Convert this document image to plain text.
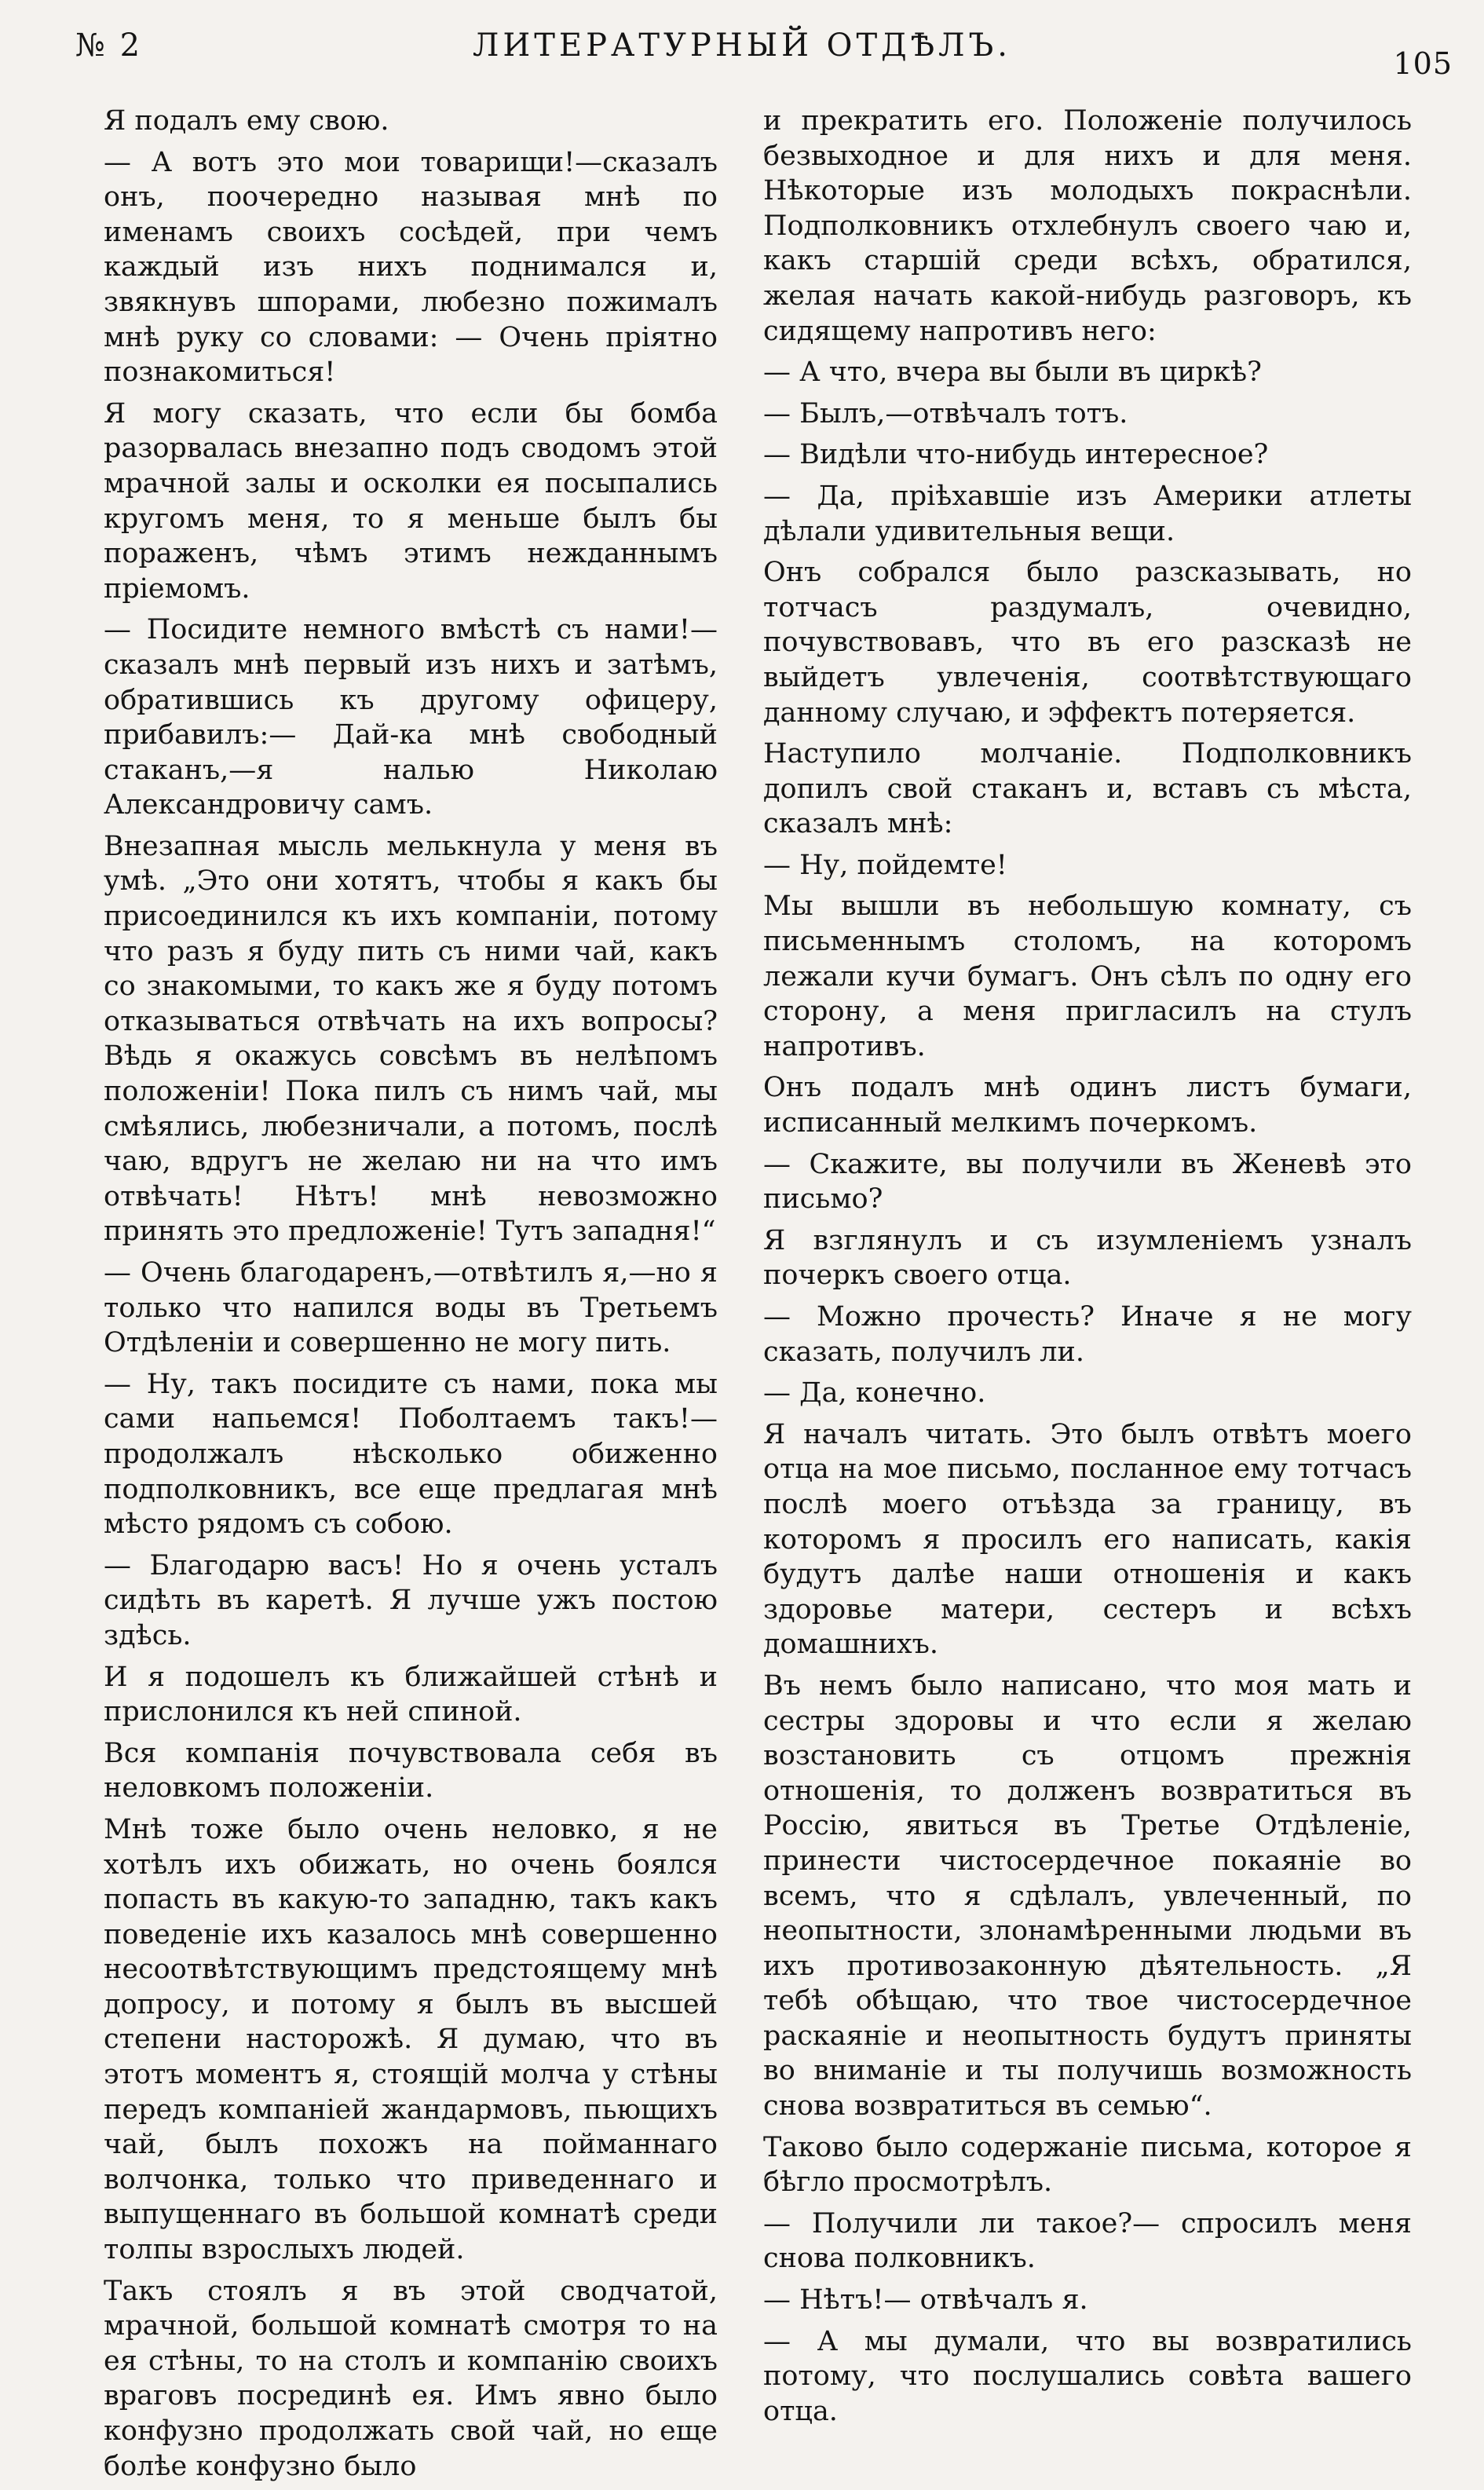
№ 2	ЛИТЕРАТУРНЫЙ ОТДѢЛЪ.	105

Я подалъ ему свою.

— А вотъ это мои товарищи!—сказалъ онъ, поочередно называя мнѣ по именамъ своихъ сосѣдей, при чемъ каждый изъ нихъ поднимался и, звякнувъ шпорами, любезно пожималъ мнѣ руку со словами: — Очень пріятно познакомиться!

Я могу сказать, что если бы бомба разорвалась внезапно подъ сводомъ этой мрачной залы и осколки ея посыпались кругомъ меня, то я меньше былъ бы пораженъ, чѣмъ этимъ нежданнымъ пріемомъ.

— Посидите немного вмѣстѣ съ нами!— сказалъ мнѣ первый изъ нихъ и затѣмъ, обратившись къ другому офицеру, прибавилъ:— Дай-ка мнѣ свободный стаканъ,—я налью Николаю Александровичу самъ.

Внезапная мысль мелькнула у меня въ умѣ. „Это они хотятъ, чтобы я какъ бы присоединился къ ихъ компаніи, потому что разъ я буду пить съ ними чай, какъ со знакомыми, то какъ же я буду потомъ отказываться отвѣчать на ихъ вопросы? Вѣдь я окажусь совсѣмъ въ нелѣпомъ положеніи! Пока пилъ съ нимъ чай, мы смѣялись, любезничали, а потомъ, послѣ чаю, вдругъ не желаю ни на что имъ отвѣчать! Нѣтъ! мнѣ невозможно принять это предложеніе! Тутъ западня!“

— Очень благодаренъ,—отвѣтилъ я,—но я только что напился воды въ Третьемъ Отдѣленіи и совершенно не могу пить.

— Ну, такъ посидите съ нами, пока мы сами напьемся! Поболтаемъ такъ!—продолжалъ нѣсколько обиженно подполковникъ, все еще предлагая мнѣ мѣсто рядомъ съ собою.

— Благодарю васъ! Но я очень усталъ сидѣть въ каретѣ. Я лучше ужъ постою здѣсь.

И я подошелъ къ ближайшей стѣнѣ и прислонился къ ней спиной.

Вся компанія почувствовала себя въ неловкомъ положеніи.

Мнѣ тоже было очень неловко, я не хотѣлъ ихъ обижать, но очень боялся попасть въ какую-то западню, такъ какъ поведеніе ихъ казалось мнѣ совершенно несоотвѣтствующимъ предстоящему мнѣ допросу, и потому я былъ въ высшей степени насторожѣ. Я думаю, что въ этотъ моментъ я, стоящій молча у стѣны передъ компаніей жандармовъ, пьющихъ чай, былъ похожъ на пойманнаго волчонка, только что приведеннаго и выпущеннаго въ большой комнатѣ среди толпы взрослыхъ людей.

Такъ стоялъ я въ этой сводчатой, мрачной, большой комнатѣ смотря то на ея стѣны, то на столъ и компанію своихъ враговъ посрединѣ ея. Имъ явно было конфузно продолжать свой чай, но еще болѣе конфузно было

и прекратить его. Положеніе получилось безвыходное и для нихъ и для меня. Нѣкоторые изъ молодыхъ покраснѣли. Подполковникъ отхлебнулъ своего чаю и, какъ старшій среди всѣхъ, обратился, желая начать какой-нибудь разговоръ, къ сидящему напротивъ него:

— А что, вчера вы были въ циркѣ?

— Былъ,—отвѣчалъ тотъ.

— Видѣли что-нибудь интересное?

— Да, пріѣхавшіе изъ Америки атлеты дѣлали удивительныя вещи.

Онъ собрался было разсказывать, но тотчасъ раздумалъ, очевидно, почувствовавъ, что въ его разсказѣ не выйдетъ увлеченія, соотвѣтствующаго данному случаю, и эффектъ потеряется.

Наступило молчаніе. Подполковникъ допилъ свой стаканъ и, вставъ съ мѣста, сказалъ мнѣ:

— Ну, пойдемте!

Мы вышли въ небольшую комнату, съ письменнымъ столомъ, на которомъ лежали кучи бумагъ. Онъ сѣлъ по одну его сторону, а меня пригласилъ на стулъ напротивъ.

Онъ подалъ мнѣ одинъ листъ бумаги, исписанный мелкимъ почеркомъ.

— Скажите, вы получили въ Женевѣ это письмо?

Я взглянулъ и съ изумленіемъ узналъ почеркъ своего отца.

— Можно прочесть? Иначе я не могу сказать, получилъ ли.

— Да, конечно.

Я началъ читать. Это былъ отвѣтъ моего отца на мое письмо, посланное ему тотчасъ послѣ моего отъѣзда за границу, въ которомъ я просилъ его написать, какія будутъ далѣе наши отношенія и какъ здоровье матери, сестеръ и всѣхъ домашнихъ.

Въ немъ было написано, что моя мать и сестры здоровы и что если я желаю возстановить съ отцомъ прежнія отношенія, то долженъ возвратиться въ Россію, явиться въ Третье Отдѣленіе, принести чистосердечное покаяніе во всемъ, что я сдѣлалъ, увлеченный, по неопытности, злонамѣренными людьми въ ихъ противозаконную дѣятельность. „Я тебѣ обѣщаю, что твое чистосердечное раскаяніе и неопытность будутъ приняты во вниманіе и ты получишь возможность снова возвратиться въ семью“.

Таково было содержаніе письма, которое я бѣгло просмотрѣлъ.

— Получили ли такое?— спросилъ меня снова полковникъ.

— Нѣтъ!— отвѣчалъ я.

— А мы думали, что вы возвратились потому, что послушались совѣта вашего отца.
